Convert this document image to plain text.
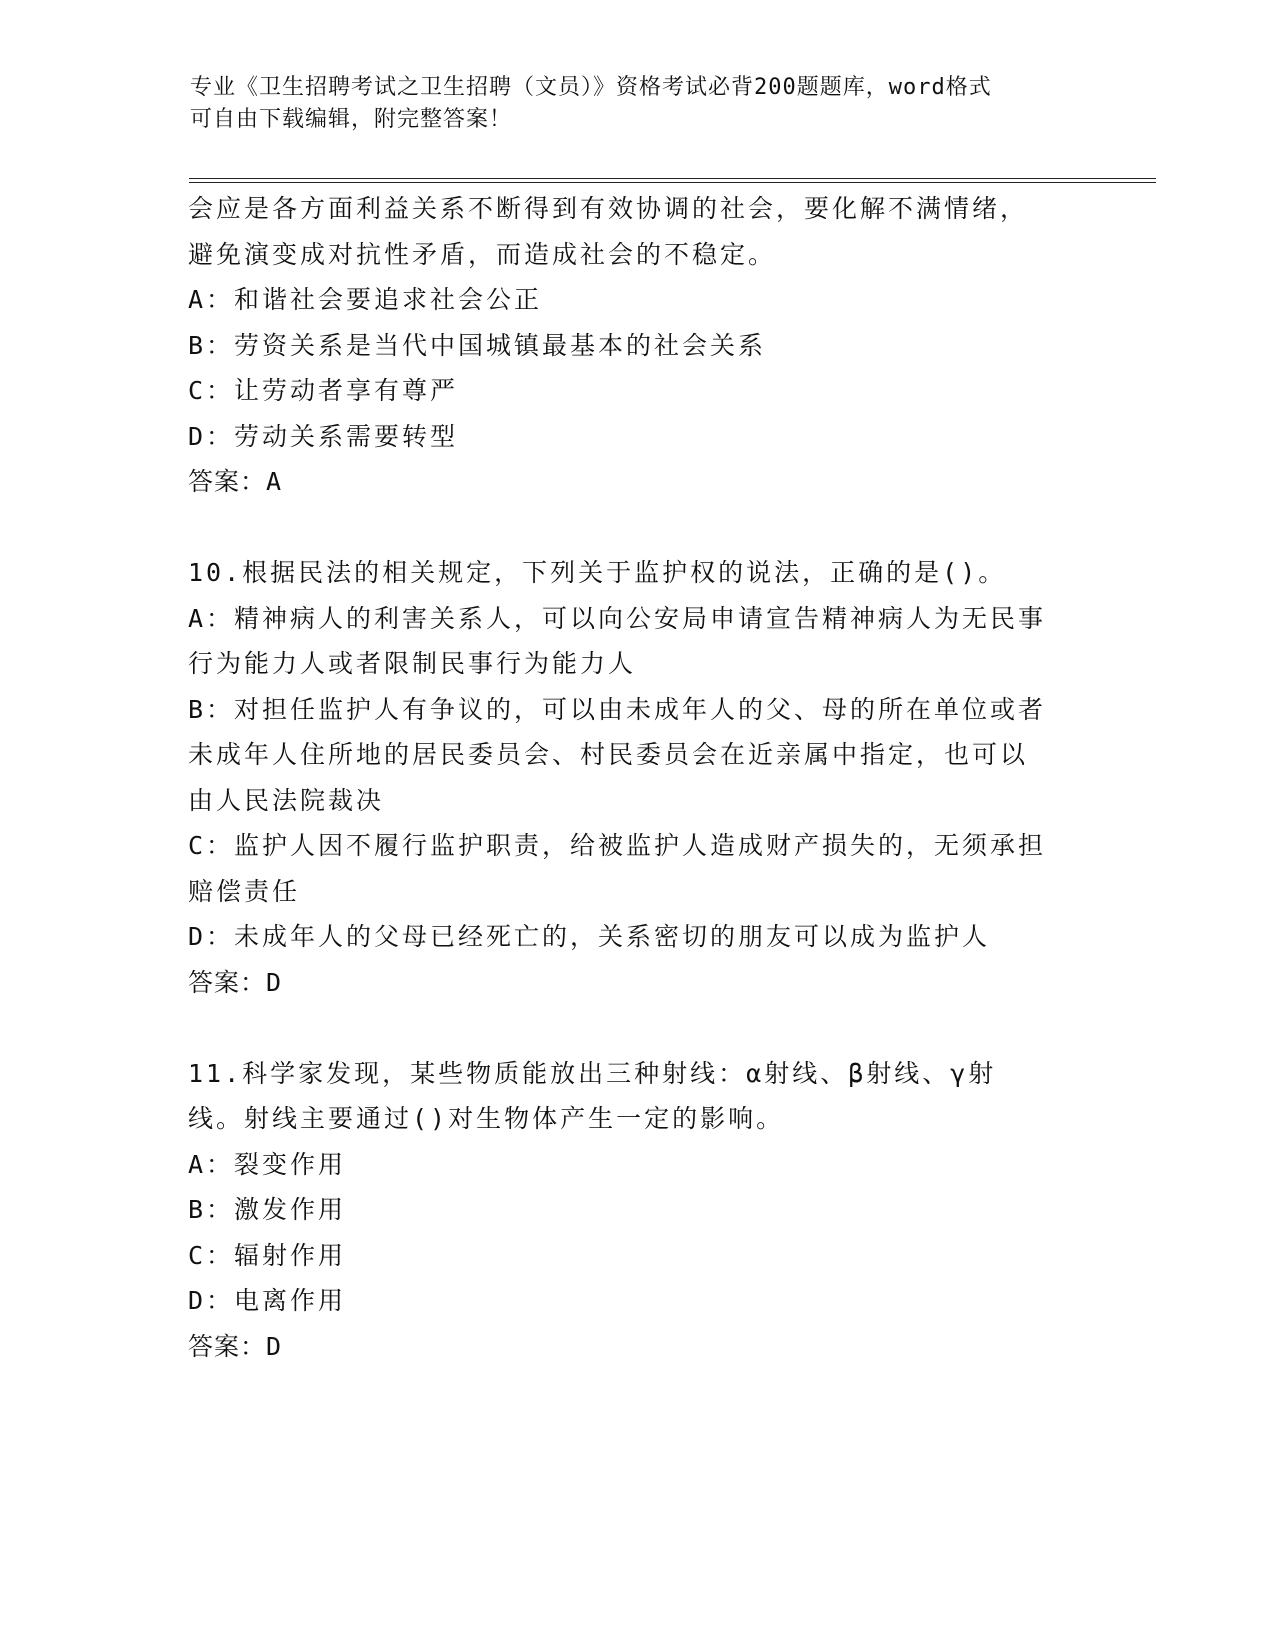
专业《卫生招聘考试之卫生招聘（文员）》资格考试必背200题题库，word格式
可自由下载编辑，附完整答案！
会应是各方面利益关系不断得到有效协调的社会，要化解不满情绪，
避免演变成对抗性矛盾，而造成社会的不稳定。
A：和谐社会要追求社会公正
B：劳资关系是当代中国城镇最基本的社会关系
C：让劳动者享有尊严
D：劳动关系需要转型
答案：A
10.根据民法的相关规定，下列关于监护权的说法，正确的是()。
A：精神病人的利害关系人，可以向公安局申请宣告精神病人为无民事
行为能力人或者限制民事行为能力人
B：对担任监护人有争议的，可以由未成年人的父、母的所在单位或者
未成年人住所地的居民委员会、村民委员会在近亲属中指定，也可以
由人民法院裁决
C：监护人因不履行监护职责，给被监护人造成财产损失的，无须承担
赔偿责任
D：未成年人的父母已经死亡的，关系密切的朋友可以成为监护人
答案：D
11.科学家发现，某些物质能放出三种射线：α射线、β射线、γ射
线。射线主要通过()对生物体产生一定的影响。
A：裂变作用
B：激发作用
C：辐射作用
D：电离作用
答案：D
